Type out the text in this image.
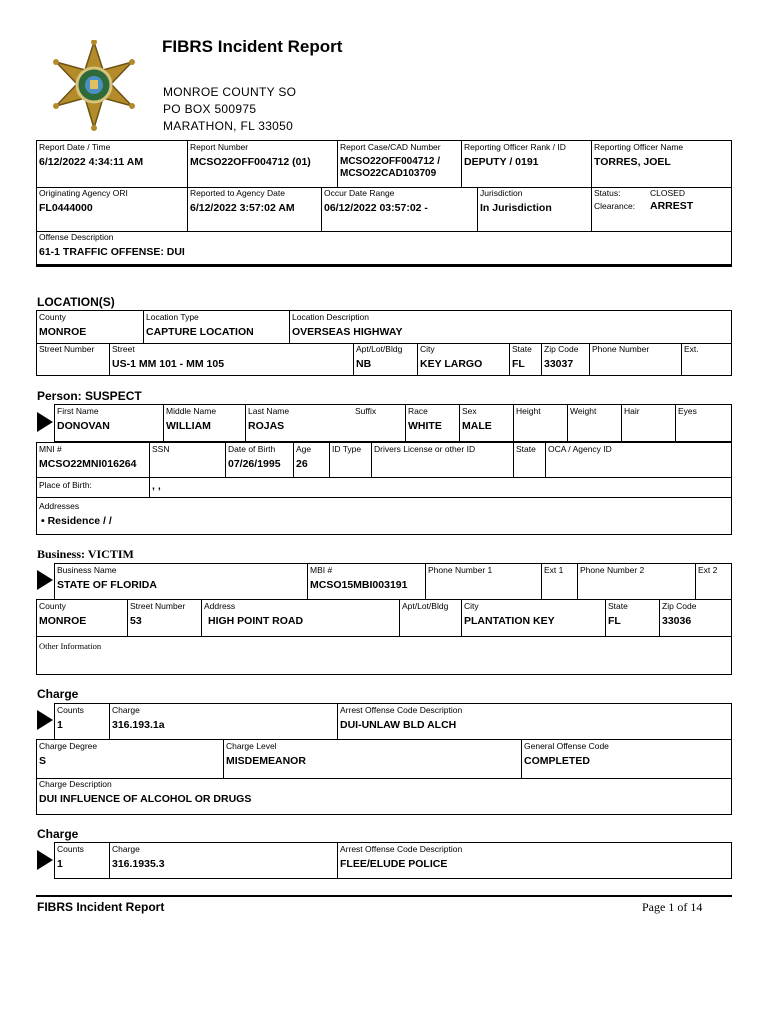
FIBRS Incident Report
MONROE COUNTY SO
PO BOX 500975
MARATHON, FL 33050
Report Date / Time
6/12/2022 4:34:11 AM
Report Number
MCSO22OFF004712 (01)
Report Case/CAD Number
MCSO22OFF004712 /
MCSO22CAD103709
Reporting Officer Rank / ID
DEPUTY / 0191
Reporting Officer Name
TORRES, JOEL
Originating Agency ORI
FL0444000
Reported to Agency Date
6/12/2022 3:57:02 AM
Occur Date Range
06/12/2022 03:57:02 -
Jurisdiction
In Jurisdiction
Status:	CLOSED
Clearance:	ARREST
Offense Description
61-1 TRAFFIC OFFENSE: DUI
LOCATION(S)
County
MONROE
Location Type
CAPTURE LOCATION
Location Description
OVERSEAS HIGHWAY
Street Number	Street
US-1 MM 101 - MM 105
Apt/Lot/Bldg
NB
City
KEY LARGO
State
FL
Zip Code
33037
Phone Number	Ext.
Person: SUSPECT
First Name
DONOVAN
Middle Name
WILLIAM
Last Name
ROJAS
Suffix	Race
WHITE
Sex
MALE
Height	Weight	Hair	Eyes
MNI #
MCSO22MNI016264
SSN	Date of Birth
07/26/1995
Age
26
ID Type	Drivers License or other ID	State	OCA / Agency ID
Place of Birth:	, ,
Addresses
• Residence / /
Business: VICTIM
Business Name
STATE OF FLORIDA
MBI #
MCSO15MBI003191
Phone Number 1	Ext 1	Phone Number 2	Ext 2
County
MONROE
Street Number
53
Address
HIGH POINT ROAD
Apt/Lot/Bldg	City
PLANTATION KEY
State
FL
Zip Code
33036
Other Information
Charge
Counts
1
Charge
316.193.1a
Arrest Offense Code Description
DUI-UNLAW BLD ALCH
Charge Degree
S
Charge Level
MISDEMEANOR
General Offense Code
COMPLETED
Charge Description
DUI INFLUENCE OF ALCOHOL OR DRUGS
Charge
Counts
1
Charge
316.1935.3
Arrest Offense Code Description
FLEE/ELUDE POLICE
FIBRS Incident Report	Page 1 of 14
